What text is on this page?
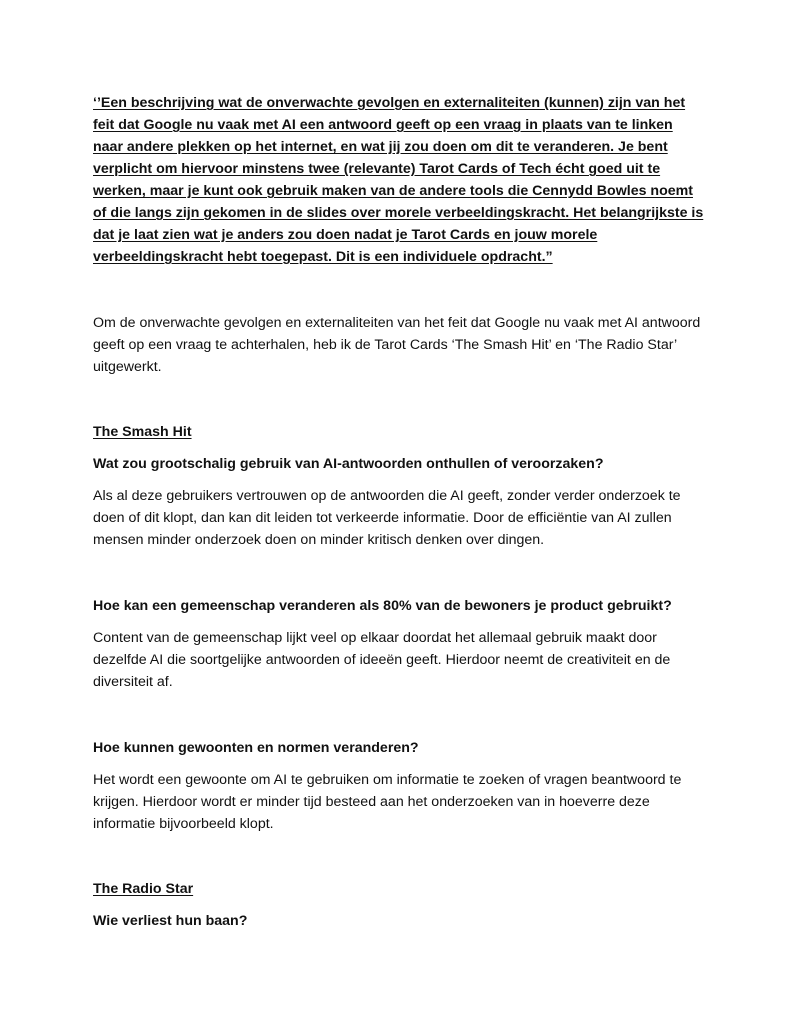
‘’Een beschrijving wat de onverwachte gevolgen en externaliteiten (kunnen) zijn van het feit dat Google nu vaak met AI een antwoord geeft op een vraag in plaats van te linken naar andere plekken op het internet, en wat jij zou doen om dit te veranderen. Je bent verplicht om hiervoor minstens twee (relevante) Tarot Cards of Tech écht goed uit te werken, maar je kunt ook gebruik maken van de andere tools die Cennydd Bowles noemt of die langs zijn gekomen in de slides over morele verbeeldingskracht. Het belangrijkste is dat je laat zien wat je anders zou doen nadat je Tarot Cards en jouw morele verbeeldingskracht hebt toegepast. Dit is een individuele opdracht.”

Om de onverwachte gevolgen en externaliteiten van het feit dat Google nu vaak met AI antwoord geeft op een vraag te achterhalen, heb ik de Tarot Cards ‘The Smash Hit’ en ‘The Radio Star’ uitgewerkt.

The Smash Hit

Wat zou grootschalig gebruik van AI-antwoorden onthullen of veroorzaken?

Als al deze gebruikers vertrouwen op de antwoorden die AI geeft, zonder verder onderzoek te doen of dit klopt, dan kan dit leiden tot verkeerde informatie. Door de efficiëntie van AI zullen mensen minder onderzoek doen on minder kritisch denken over dingen.

Hoe kan een gemeenschap veranderen als 80% van de bewoners je product gebruikt?

Content van de gemeenschap lijkt veel op elkaar doordat het allemaal gebruik maakt door dezelfde AI die soortgelijke antwoorden of ideeën geeft. Hierdoor neemt de creativiteit en de diversiteit af.

Hoe kunnen gewoonten en normen veranderen?

Het wordt een gewoonte om AI te gebruiken om informatie te zoeken of vragen beantwoord te krijgen. Hierdoor wordt er minder tijd besteed aan het onderzoeken van in hoeverre deze informatie bijvoorbeeld klopt.

The Radio Star

Wie verliest hun baan?
